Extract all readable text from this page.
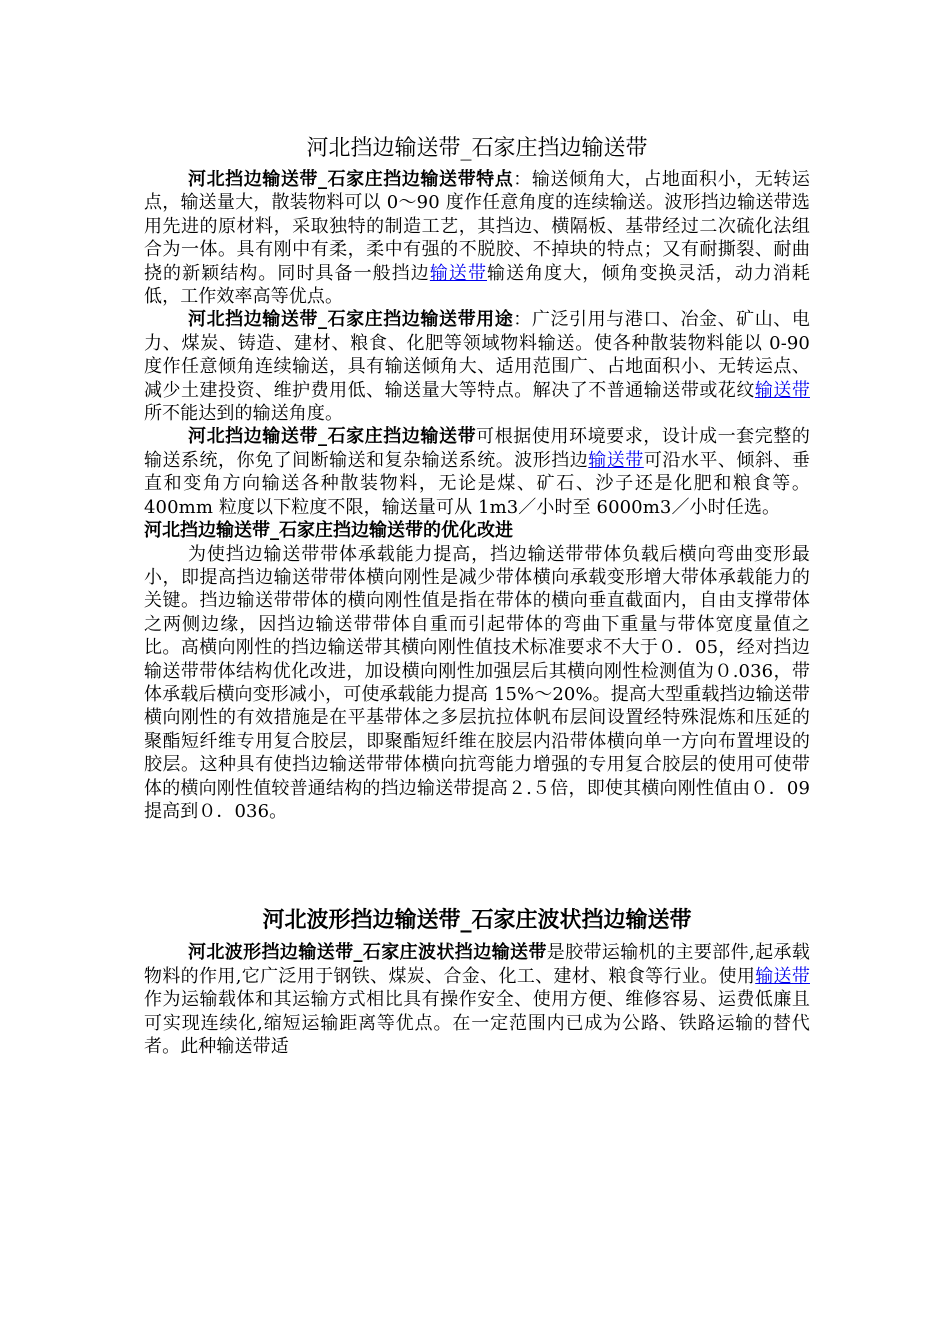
河北挡边输送带_石家庄挡边输送带

河北挡边输送带_石家庄挡边输送带特点：输送倾角大，占地面积小，无转运点，输送量大，散装物料可以 0～90 度作任意角度的连续输送。波形挡边输送带选用先进的原材料，采取独特的制造工艺，其挡边、横隔板、基带经过二次硫化法组合为一体。具有刚中有柔，柔中有强的不脱胶、不掉块的特点；又有耐撕裂、耐曲挠的新颖结构。同时具备一般挡边输送带输送角度大，倾角变换灵活，动力消耗低，工作效率高等优点。

河北挡边输送带_石家庄挡边输送带用途：广泛引用与港口、冶金、矿山、电力、煤炭、铸造、建材、粮食、化肥等领域物料输送。使各种散装物料能以 0-90 度作任意倾角连续输送，具有输送倾角大、适用范围广、占地面积小、无转运点、减少土建投资、维护费用低、输送量大等特点。解决了不普通输送带或花纹输送带所不能达到的输送角度。

河北挡边输送带_石家庄挡边输送带可根据使用环境要求，设计成一套完整的输送系统，你免了间断输送和复杂输送系统。波形挡边输送带可沿水平、倾斜、垂直和变角方向输送各种散装物料，无论是煤、矿石、沙子还是化肥和粮食等。400mm 粒度以下粒度不限，输送量可从 1m3／小时至 6000m3／小时任选。

河北挡边输送带_石家庄挡边输送带的优化改进

为使挡边输送带带体承载能力提高，挡边输送带带体负载后横向弯曲变形最小，即提高挡边输送带带体横向刚性是减少带体横向承载变形增大带体承载能力的关键。挡边输送带带体的横向刚性值是指在带体的横向垂直截面内，自由支撑带体之两侧边缘，因挡边输送带带体自重而引起带体的弯曲下重量与带体宽度量值之比。高横向刚性的挡边输送带其横向刚性值技术标准要求不大于０．05，经对挡边输送带带体结构优化改进，加设横向刚性加强层后其横向刚性检测值为０.036，带体承载后横向变形减小，可使承载能力提高 15%～20%。提高大型重载挡边输送带横向刚性的有效措施是在平基带体之多层抗拉体帆布层间设置经特殊混炼和压延的聚酯短纤维专用复合胶层，即聚酯短纤维在胶层内沿带体横向单一方向布置埋设的胶层。这种具有使挡边输送带带体横向抗弯能力增强的专用复合胶层的使用可使带体的横向刚性值较普通结构的挡边输送带提高２.５倍，即使其横向刚性值由０．09 提高到０．036。

河北波形挡边输送带_石家庄波状挡边输送带

河北波形挡边输送带_石家庄波状挡边输送带是胶带运输机的主要部件,起承载物料的作用,它广泛用于钢铁、煤炭、合金、化工、建材、粮食等行业。使用输送带作为运输载体和其运输方式相比具有操作安全、使用方便、维修容易、运费低廉且可实现连续化,缩短运输距离等优点。在一定范围内已成为公路、铁路运输的替代者。此种输送带适
